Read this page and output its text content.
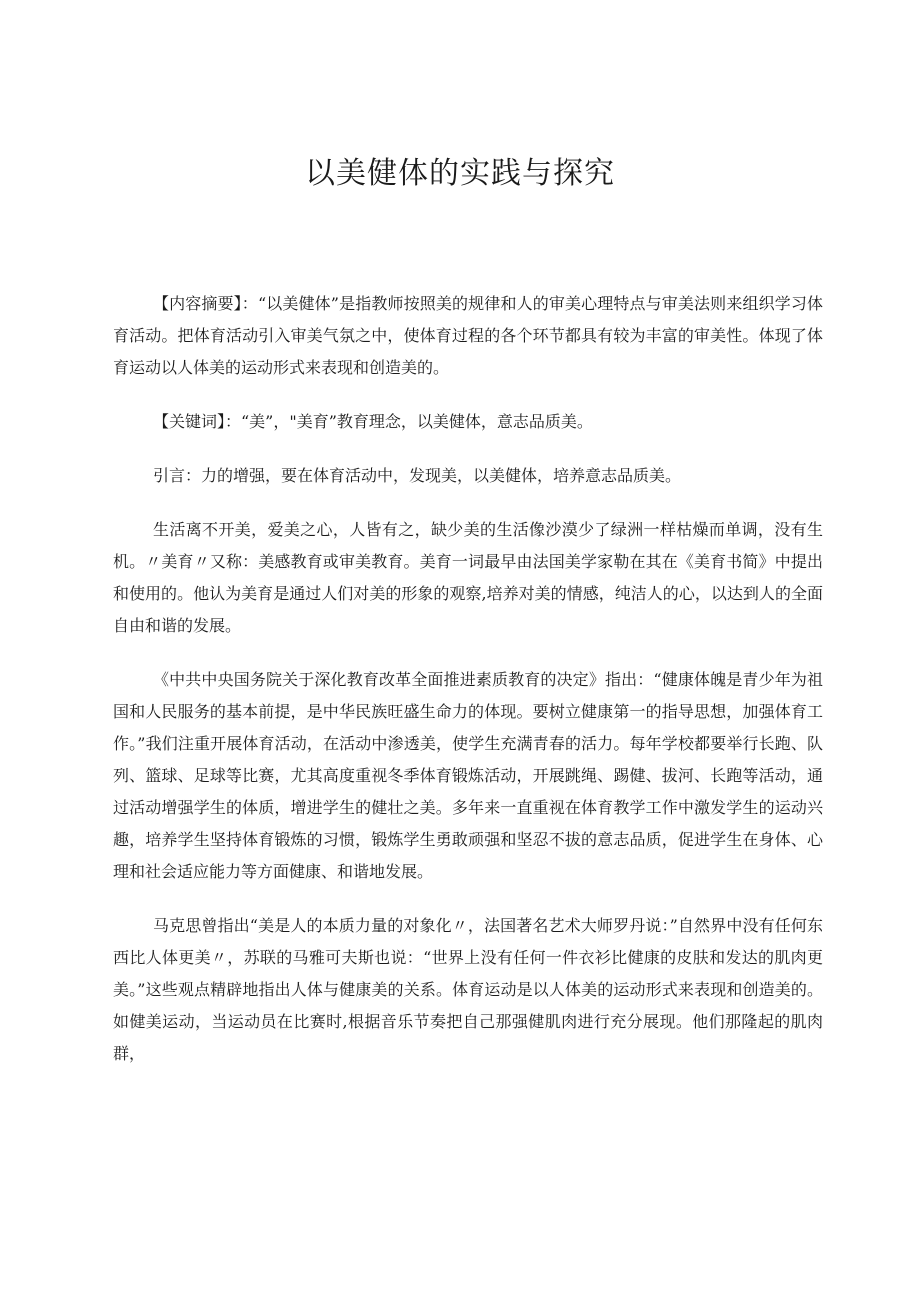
以美健体的实践与探究

【内容摘要】：“以美健体”是指教师按照美的规律和人的审美心理特点与审美法则来组织学习体育活动。把体育活动引入审美气氛之中，使体育过程的各个环节都具有较为丰富的审美性。体现了体育运动以人体美的运动形式来表现和创造美的。

【关键词】：“美”，"美育”教育理念，以美健体，意志品质美。

引言：力的增强，要在体育活动中，发现美，以美健体，培养意志品质美。

生活离不开美，爱美之心，人皆有之，缺少美的生活像沙漠少了绿洲一样枯燥而单调，没有生机。〃美育〃又称：美感教育或审美教育。美育一词最早由法国美学家勒在其在《美育书简》中提出和使用的。他认为美育是通过人们对美的形象的观察,培养对美的情感，纯洁人的心，以达到人的全面自由和谐的发展。

《中共中央国务院关于深化教育改革全面推进素质教育的决定》指出：“健康体魄是青少年为祖国和人民服务的基本前提，是中华民族旺盛生命力的体现。要树立健康第一的指导思想，加强体育工作。”我们注重开展体育活动，在活动中渗透美，使学生充满青春的活力。每年学校都要举行长跑、队列、篮球、足球等比赛，尤其高度重视冬季体育锻炼活动，开展跳绳、踢健、拔河、长跑等活动，通过活动增强学生的体质，增进学生的健壮之美。多年来一直重视在体育教学工作中激发学生的运动兴趣，培养学生坚持体育锻炼的习惯，锻炼学生勇敢顽强和坚忍不拔的意志品质，促进学生在身体、心理和社会适应能力等方面健康、和谐地发展。

马克思曾指出“美是人的本质力量的对象化〃，法国著名艺术大师罗丹说：”自然界中没有任何东西比人体更美〃，苏联的马雅可夫斯也说：“世界上没有任何一件衣衫比健康的皮肤和发达的肌肉更美。”这些观点精辟地指出人体与健康美的关系。体育运动是以人体美的运动形式来表现和创造美的。如健美运动，当运动员在比赛时,根据音乐节奏把自己那强健肌肉进行充分展现。他们那隆起的肌肉群，
